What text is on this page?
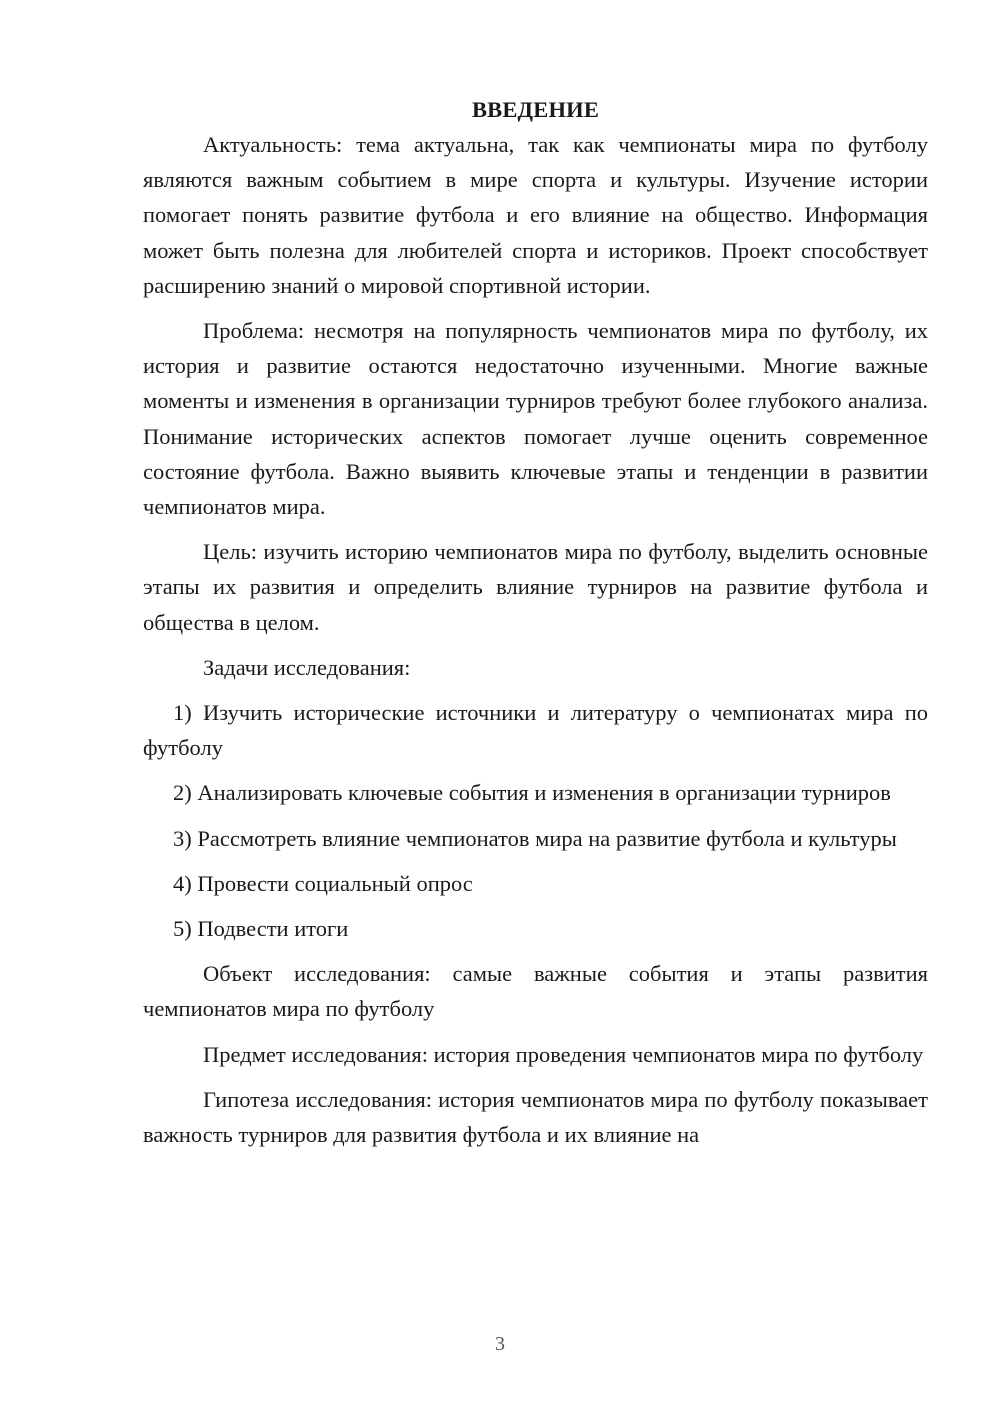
ВВЕДЕНИЕ

Актуальность: тема актуальна, так как чемпионаты мира по футболу являются важным событием в мире спорта и культуры. Изучение истории помогает понять развитие футбола и его влияние на общество. Информация может быть полезна для любителей спорта и историков. Проект способствует расширению знаний о мировой спортивной истории.

Проблема: несмотря на популярность чемпионатов мира по футболу, их история и развитие остаются недостаточно изученными. Многие важные моменты и изменения в организации турниров требуют более глубокого анализа. Понимание исторических аспектов помогает лучше оценить современное состояние футбола. Важно выявить ключевые этапы и тенденции в развитии чемпионатов мира.

Цель: изучить историю чемпионатов мира по футболу, выделить основные этапы их развития и определить влияние турниров на развитие футбола и общества в целом.

Задачи исследования:

1) Изучить исторические источники и литературу о чемпионатах мира по футболу

2) Анализировать ключевые события и изменения в организации турниров

3) Рассмотреть влияние чемпионатов мира на развитие футбола и культуры

4) Провести социальный опрос

5) Подвести итоги

Объект исследования: самые важные события и этапы развития чемпионатов мира по футболу

Предмет исследования: история проведения чемпионатов мира по футболу

Гипотеза исследования: история чемпионатов мира по футболу показывает важность турниров для развития футбола и их влияние на

3
